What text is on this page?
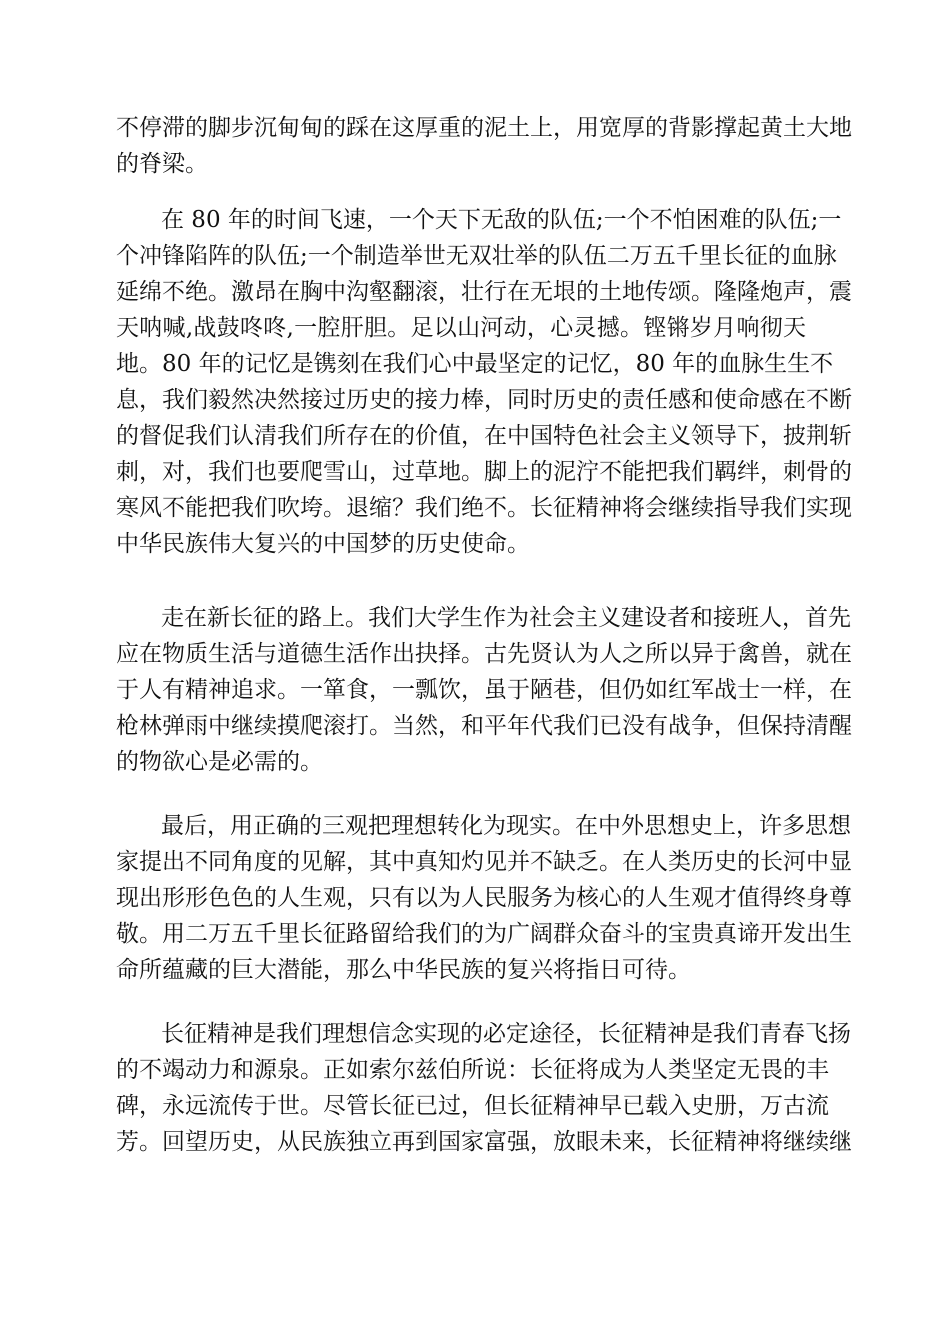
不停滞的脚步沉甸甸的踩在这厚重的泥土上，用宽厚的背影撑起黄土大地
的脊梁。
在 80 年的时间飞速，一个天下无敌的队伍;一个不怕困难的队伍;一
个冲锋陷阵的队伍;一个制造举世无双壮举的队伍二万五千里长征的血脉
延绵不绝。激昂在胸中沟壑翻滚，壮行在无垠的土地传颂。隆隆炮声，震
天呐喊,战鼓咚咚,一腔肝胆。足以山河动，心灵撼。铿锵岁月响彻天
地。80 年的记忆是镌刻在我们心中最坚定的记忆，80 年的血脉生生不
息，我们毅然决然接过历史的接力棒，同时历史的责任感和使命感在不断
的督促我们认清我们所存在的价值，在中国特色社会主义领导下，披荆斩
刺，对，我们也要爬雪山，过草地。脚上的泥泞不能把我们羁绊，刺骨的
寒风不能把我们吹垮。退缩？我们绝不。长征精神将会继续指导我们实现
中华民族伟大复兴的中国梦的历史使命。
走在新长征的路上。我们大学生作为社会主义建设者和接班人，首先
应在物质生活与道德生活作出抉择。古先贤认为人之所以异于禽兽，就在
于人有精神追求。一箪食，一瓢饮，虽于陋巷，但仍如红军战士一样，在
枪林弹雨中继续摸爬滚打。当然，和平年代我们已没有战争，但保持清醒
的物欲心是必需的。
最后，用正确的三观把理想转化为现实。在中外思想史上，许多思想
家提出不同角度的见解，其中真知灼见并不缺乏。在人类历史的长河中显
现出形形色色的人生观，只有以为人民服务为核心的人生观才值得终身尊
敬。用二万五千里长征路留给我们的为广阔群众奋斗的宝贵真谛开发出生
命所蕴藏的巨大潜能，那么中华民族的复兴将指日可待。
长征精神是我们理想信念实现的必定途径，长征精神是我们青春飞扬
的不竭动力和源泉。正如索尔兹伯所说：长征将成为人类坚定无畏的丰
碑，永远流传于世。尽管长征已过，但长征精神早已载入史册，万古流
芳。回望历史，从民族独立再到国家富强，放眼未来，长征精神将继续继
